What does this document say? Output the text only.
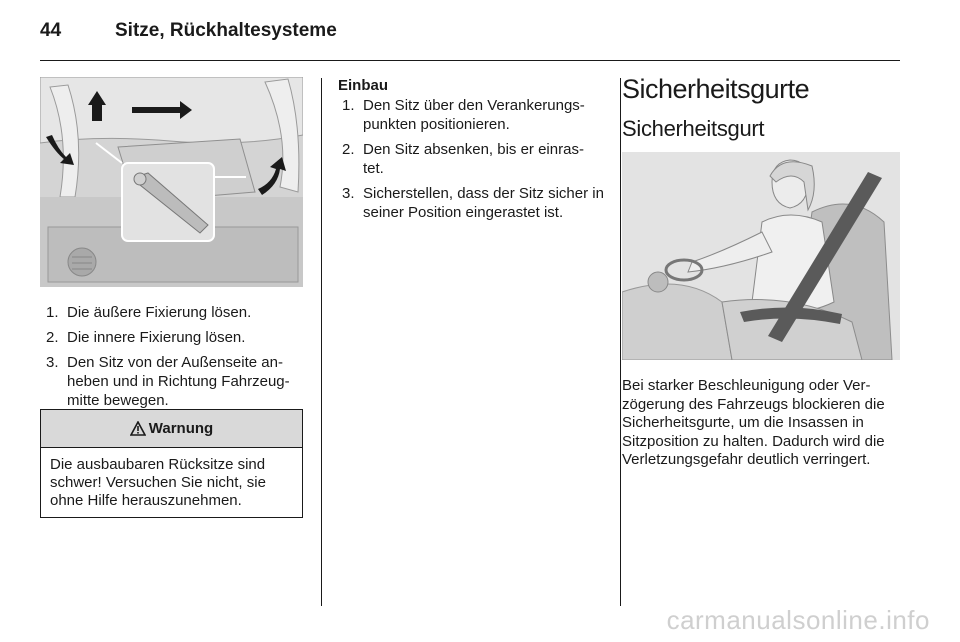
44	Sitze, Rückhaltesysteme
1. Die äußere Fixierung lösen.
2. Die innere Fixierung lösen.
3. Den Sitz von der Außenseite an-heben und in Richtung Fahrzeug-mitte bewegen.
Warnung
Die ausbaubaren Rücksitze sind schwer! Versuchen Sie nicht, sie ohne Hilfe herauszunehmen.
Einbau
1. Den Sitz über den Verankerungs-punkten positionieren.
2. Den Sitz absenken, bis er einras-tet.
3. Sicherstellen, dass der Sitz sicher in seiner Position eingerastet ist.
Sicherheitsgurte
Sicherheitsgurt
Bei starker Beschleunigung oder Ver-zögerung des Fahrzeugs blockieren die Sicherheitsgurte, um die Insassen in Sitzposition zu halten. Dadurch wird die Verletzungsgefahr deutlich verringert.
carmanualsonline.info
